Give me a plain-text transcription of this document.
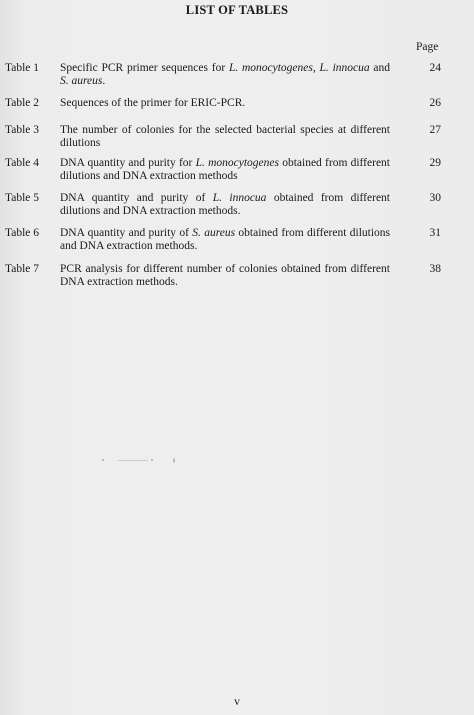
LIST OF TABLES
Page
Table 1 Specific PCR primer sequences for L. monocytogenes, L. innocua and S. aureus.
24
Table 2 Sequences of the primer for ERIC-PCR.	26
Table 3 The number of colonies for the selected bacterial species at different dilutions
27
Table 4 DNA quantity and purity for L. monocytogenes obtained from different dilutions and DNA extraction methods
29
Table 5 DNA quantity and purity of L. innocua obtained from different dilutions and DNA extraction methods.
30
Table 6 DNA quantity and purity of S. aureus obtained from different dilutions and DNA extraction methods.
31
Table 7 PCR analysis for different number of colonies obtained from different DNA extraction methods.
38
v
